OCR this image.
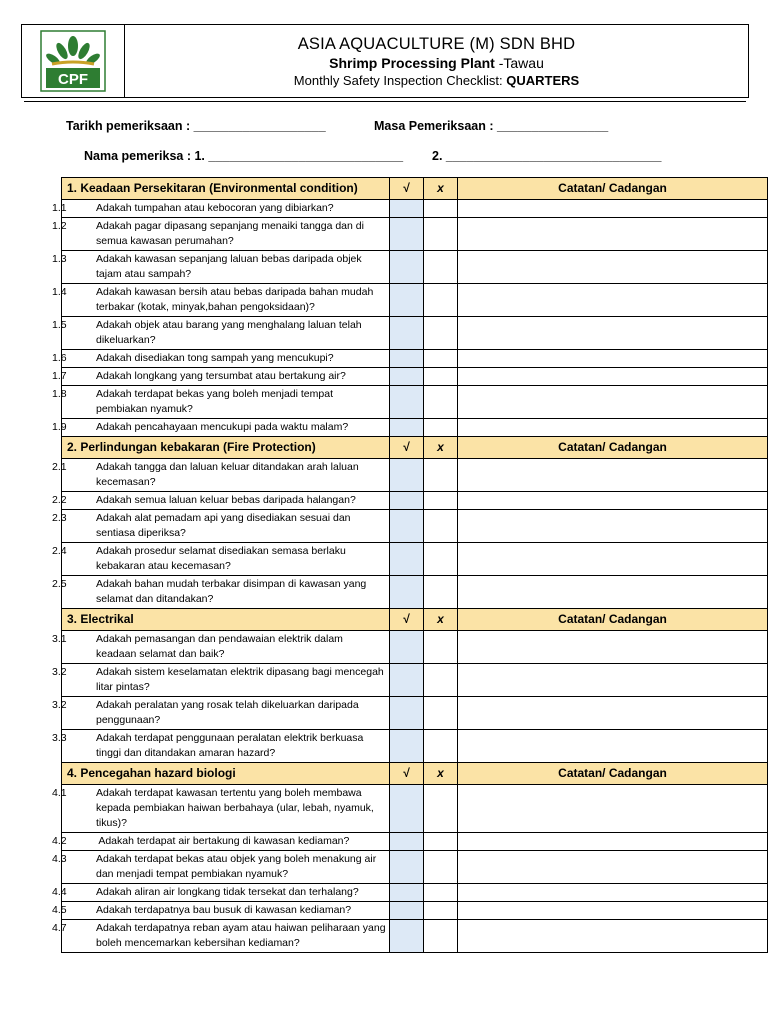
CPF
ASIA AQUACULTURE (M) SDN BHD
Shrimp Processing Plant -Tawau
Monthly Safety Inspection Checklist: QUARTERS
Tarikh pemeriksaan : ___________________	Masa Pemeriksaan : ________________
Nama pemeriksa : 1. ____________________________ 2. _______________________________
1. Keadaan Persekitaran (Environmental condition)	√	x	Catatan/ Cadangan

1.1 Adakah tumpahan atau kebocoran yang dibiarkan?			

1.2 Adakah pagar dipasang sepanjang menaiki tangga dan di semua kawasan perumahan?			

1.3 Adakah kawasan sepanjang laluan bebas daripada objek tajam atau sampah?			

1.4 Adakah kawasan bersih atau bebas daripada bahan mudah terbakar (kotak, minyak,bahan pengoksidaan)?			

1.5 Adakah objek atau barang yang menghalang laluan telah dikeluarkan?			

1.6 Adakah disediakan tong sampah yang mencukupi?			

1.7 Adakah longkang yang tersumbat atau bertakung air?			

1.8 Adakah terdapat bekas yang boleh menjadi tempat pembiakan nyamuk?			

1.9 Adakah pencahayaan mencukupi pada waktu malam?			

2. Perlindungan kebakaran (Fire Protection)	√	x	Catatan/ Cadangan

2.1 Adakah tangga dan laluan keluar ditandakan arah laluan kecemasan?			

2.2 Adakah semua laluan keluar bebas daripada halangan?			

2.3 Adakah alat pemadam api yang disediakan sesuai dan sentiasa diperiksa?			

2.4 Adakah prosedur selamat disediakan semasa berlaku kebakaran atau kecemasan?			

2.5 Adakah bahan mudah terbakar disimpan di kawasan yang selamat dan ditandakan?			

3. Electrikal	√	x	Catatan/ Cadangan

3.1 Adakah pemasangan dan pendawaian elektrik dalam keadaan selamat dan baik?			

3.2 Adakah sistem keselamatan elektrik dipasang bagi mencegah litar pintas?			

3.2 Adakah peralatan yang rosak telah dikeluarkan daripada penggunaan?			

3.3 Adakah terdapat penggunaan peralatan elektrik berkuasa tinggi dan ditandakan amaran hazard?			

4. Pencegahan hazard biologi	√	x	Catatan/ Cadangan

4.1 Adakah terdapat kawasan tertentu yang boleh membawa kepada pembiakan haiwan berbahaya (ular, lebah, nyamuk, tikus)?			

4.2 Adakah terdapat air bertakung di kawasan kediaman?			

4.3 Adakah terdapat bekas atau objek yang boleh menakung air dan menjadi tempat pembiakan nyamuk?			

4.4 Adakah aliran air longkang tidak tersekat dan terhalang?			

4.5 Adakah terdapatnya bau busuk di kawasan kediaman?			

4.7 Adakah terdapatnya reban ayam atau haiwan peliharaan yang boleh mencemarkan kebersihan kediaman?			
